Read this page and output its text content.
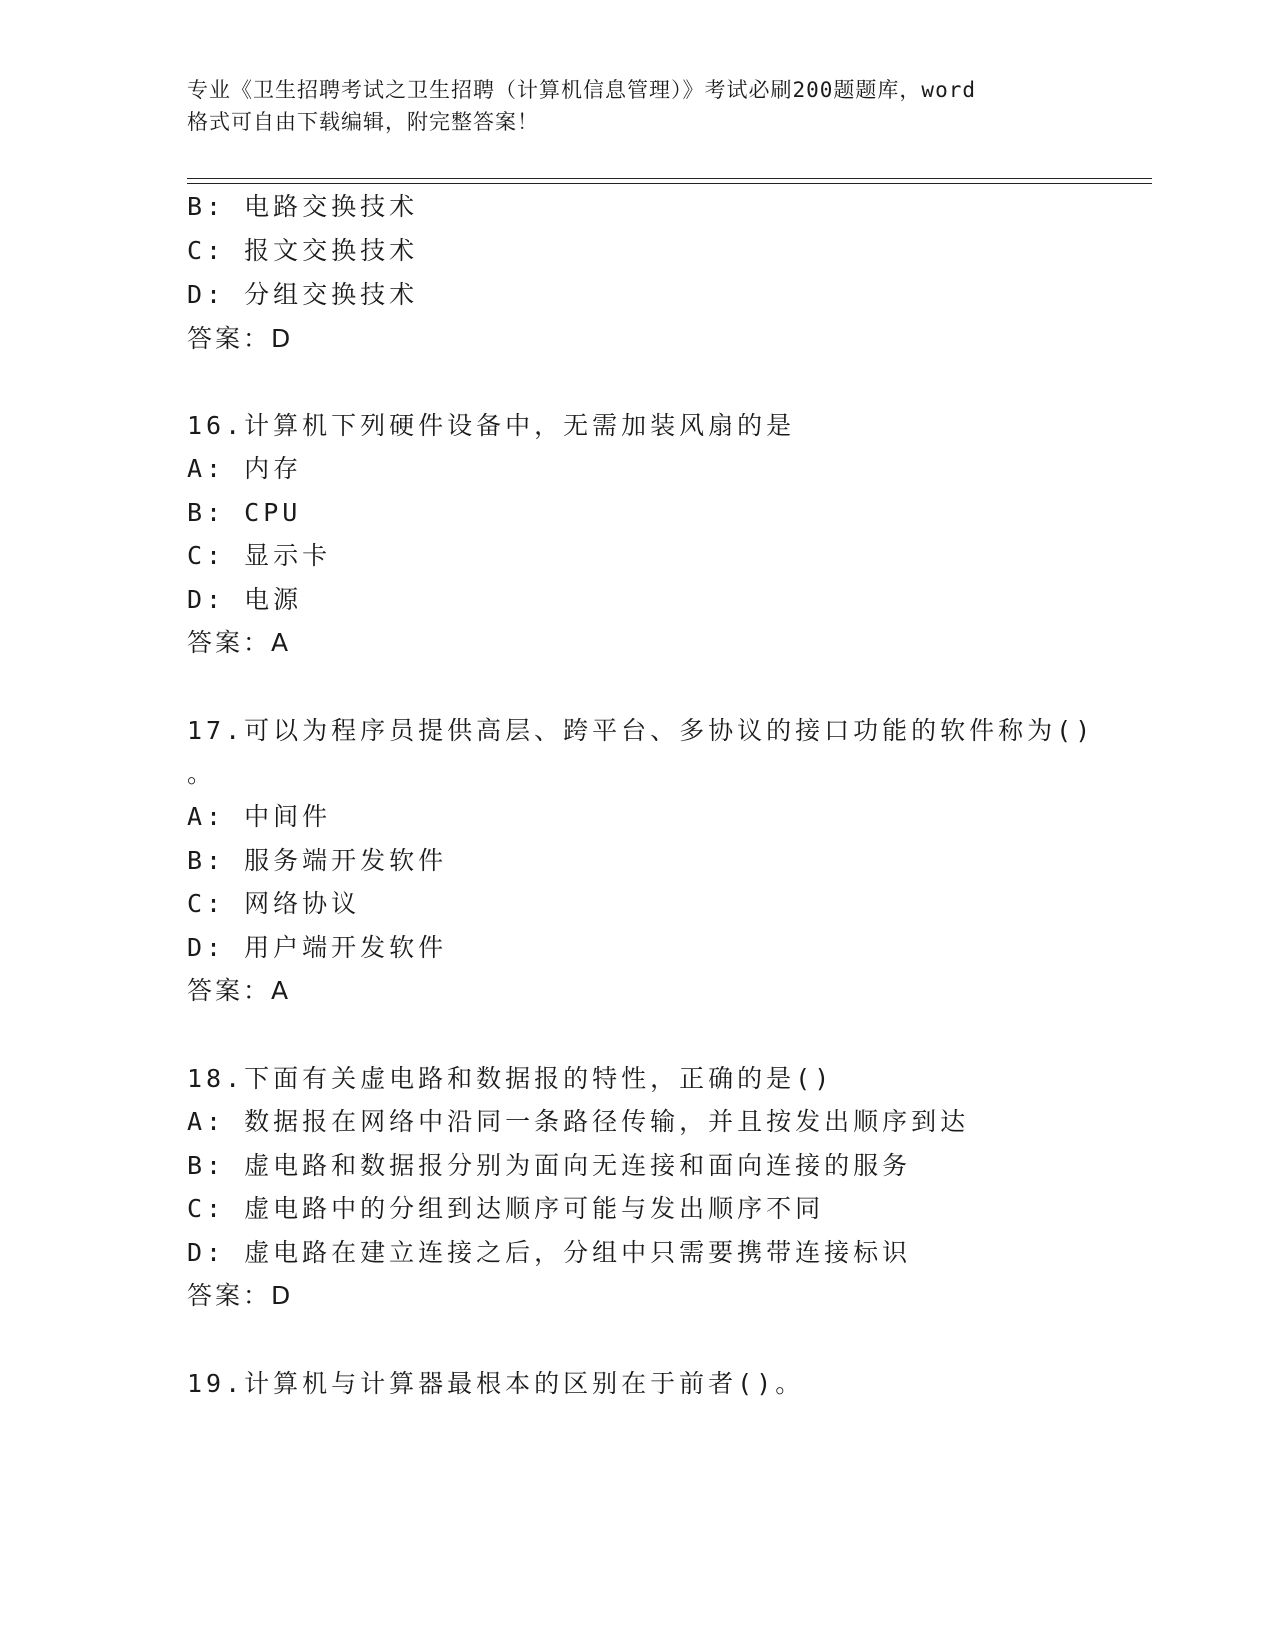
专业《卫生招聘考试之卫生招聘（计算机信息管理）》考试必刷200题题库，word
格式可自由下载编辑，附完整答案！
B: 电路交换技术
C: 报文交换技术
D: 分组交换技术
答案：D
16.计算机下列硬件设备中，无需加装风扇的是
A: 内存
B: CPU
C: 显示卡
D: 电源
答案：A
17.可以为程序员提供高层、跨平台、多协议的接口功能的软件称为()
。
A: 中间件
B: 服务端开发软件
C: 网络协议
D: 用户端开发软件
答案：A
18.下面有关虚电路和数据报的特性，正确的是()
A: 数据报在网络中沿同一条路径传输，并且按发出顺序到达
B: 虚电路和数据报分别为面向无连接和面向连接的服务
C: 虚电路中的分组到达顺序可能与发出顺序不同
D: 虚电路在建立连接之后，分组中只需要携带连接标识
答案：D
19.计算机与计算器最根本的区别在于前者()。
